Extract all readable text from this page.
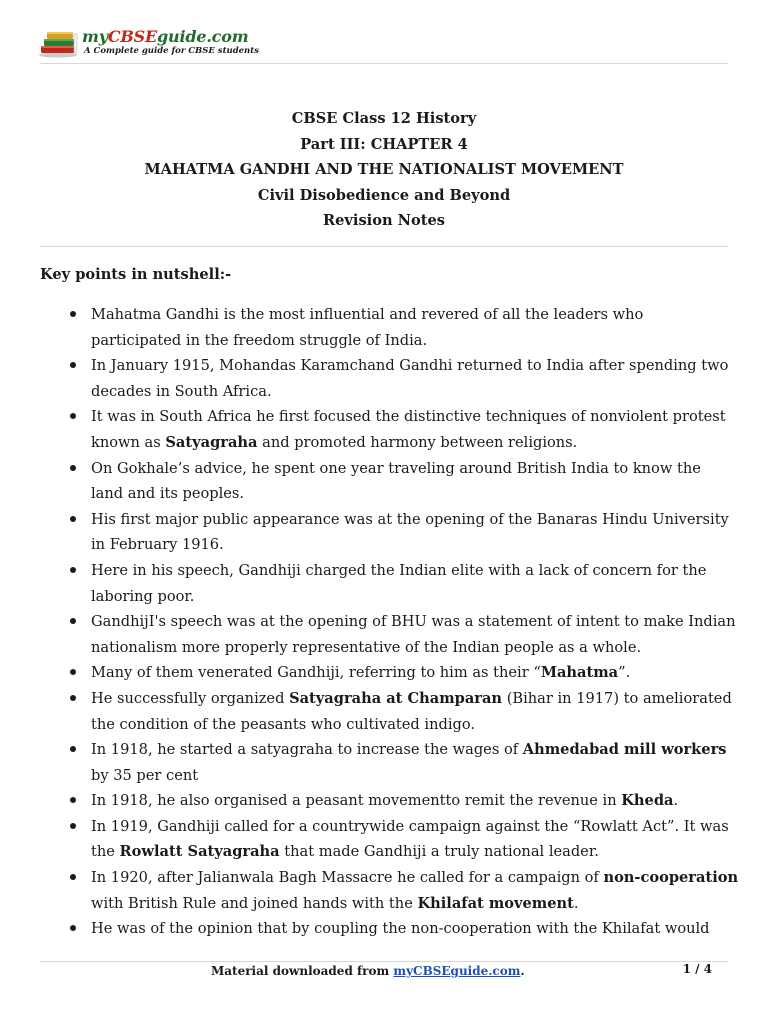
myCBSEguide.com
A Complete guide for CBSE students
CBSE Class 12 History
Part III: CHAPTER 4
MAHATMA GANDHI AND THE NATIONALIST MOVEMENT
Civil Disobedience and Beyond
Revision Notes
Key points in nutshell:-
Mahatma Gandhi is the most influential and revered of all the leaders who
participated in the freedom struggle of India.
In January 1915, Mohandas Karamchand Gandhi returned to India after spending two
decades in South Africa.
It was in South Africa he first focused the distinctive techniques of nonviolent protest
known as Satyagraha and promoted harmony between religions.
On Gokhale’s advice, he spent one year traveling around British India to know the
land and its peoples.
His first major public appearance was at the opening of the Banaras Hindu University
in February 1916.
Here in his speech, Gandhiji charged the Indian elite with a lack of concern for the
laboring poor.
GandhijI's speech was at the opening of BHU was a statement of intent to make Indian
nationalism more properly representative of the Indian people as a whole.
Many of them venerated Gandhiji, referring to him as their “Mahatma”.
He successfully organized Satyagraha at Champaran (Bihar in 1917) to ameliorated
the condition of the peasants who cultivated indigo.
In 1918, he started a satyagraha to increase the wages of Ahmedabad mill workers
by 35 per cent
In 1918, he also organised a peasant movementto remit the revenue in Kheda.
In 1919, Gandhiji called for a countrywide campaign against the “Rowlatt Act”. It was
the Rowlatt Satyagraha that made Gandhiji a truly national leader.
In 1920, after Jalianwala Bagh Massacre he called for a campaign of non-cooperation
with British Rule and joined hands with the Khilafat movement.
He was of the opinion that by coupling the non-cooperation with the Khilafat would
Material downloaded from myCBSEguide.com.	1 / 4
